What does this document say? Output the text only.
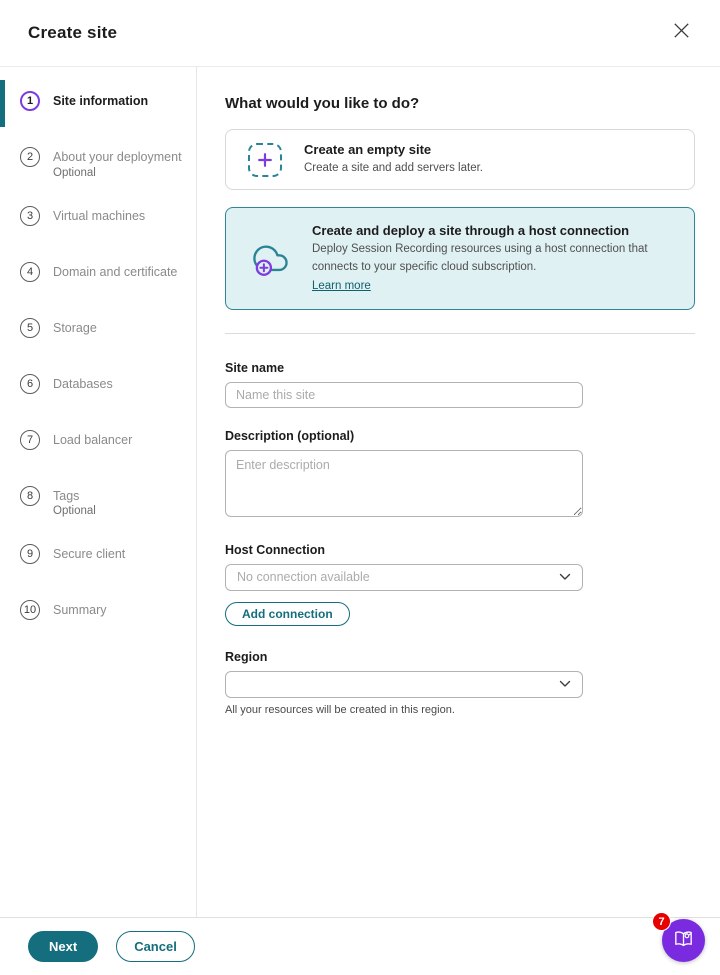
Create site
1	Site information
2	About your deployment
Optional
3	Virtual machines
4	Domain and certificate
5	Storage
6	Databases
7	Load balancer
8	Tags
Optional
9	Secure client
10	Summary
What would you like to do?
Create an empty site
Create a site and add servers later.
Create and deploy a site through a host connection
Deploy Session Recording resources using a host connection that connects to your specific cloud subscription.
Learn more
Site name
Name this site
Description (optional)
Enter description
Host Connection
No connection available
Add connection
Region
All your resources will be created in this region.
Next	Cancel
7
